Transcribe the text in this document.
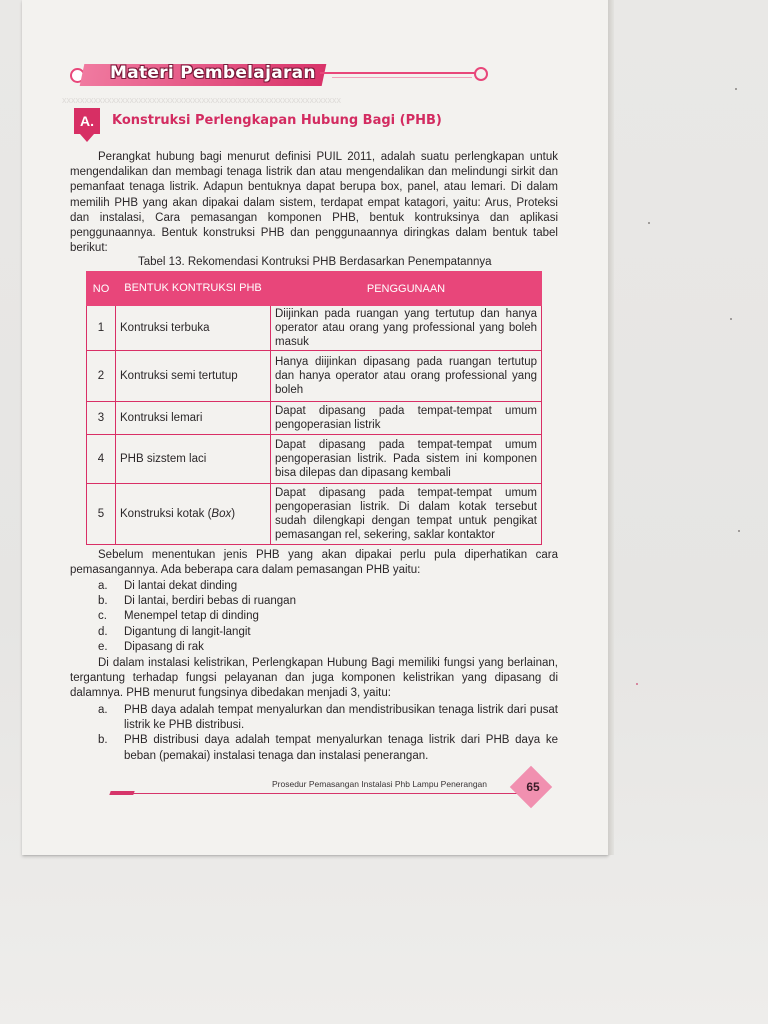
xxxxxxxxxxxxxxxxxxxxxxxxxxxxxxxxxxxxxxxxxxxxxxxxxxxxxxxxxxxxxx
Materi Pembelajaran
A.	Konstruksi Perlengkapan Hubung Bagi (PHB)
Perangkat hubung bagi menurut definisi PUIL 2011, adalah suatu perlengkapan untuk mengendalikan dan membagi tenaga listrik dan atau mengendalikan dan melindungi sirkit dan pemanfaat tenaga listrik. Adapun bentuknya dapat berupa box, panel, atau lemari. Di dalam memilih PHB yang akan dipakai dalam sistem, terdapat empat katagori, yaitu: Arus, Proteksi dan instalasi, Cara pemasangan komponen PHB, bentuk kontruksinya dan aplikasi penggunaannya. Bentuk konstruksi PHB dan penggunaannya diringkas dalam bentuk tabel berikut:
Tabel 13. Rekomendasi Kontruksi PHB Berdasarkan Penempatannya
NO	BENTUK KONTRUKSI PHB	PENGGUNAAN
1	Kontruksi terbuka	Diijinkan pada ruangan yang tertutup dan hanya operator atau orang yang professional yang boleh masuk
2	Kontruksi semi tertutup	Hanya diijinkan dipasang pada ruangan tertutup dan hanya operator atau orang professional yang boleh
3	Kontruksi lemari	Dapat dipasang pada tempat-tempat umum pengoperasian listrik
4	PHB sizstem laci	Dapat dipasang pada tempat-tempat umum pengoperasian listrik. Pada sistem ini komponen bisa dilepas dan dipasang kembali
5	Konstruksi kotak (Box)	Dapat dipasang pada tempat-tempat umum pengoperasian listrik. Di dalam kotak tersebut sudah dilengkapi dengan tempat untuk pengikat pemasangan rel, sekering, saklar kontaktor
Sebelum menentukan jenis PHB yang akan dipakai perlu pula diperhatikan cara pemasangannya. Ada beberapa cara dalam pemasangan PHB yaitu:
a.	Di lantai dekat dinding
b.	Di lantai, berdiri bebas di ruangan
c.	Menempel tetap di dinding
d.	Digantung di langit-langit
e.	Dipasang di rak
Di dalam instalasi kelistrikan, Perlengkapan Hubung Bagi memiliki fungsi yang berlainan, tergantung terhadap fungsi pelayanan dan juga komponen kelistrikan yang dipasang di dalamnya. PHB menurut fungsinya dibedakan menjadi 3, yaitu:
a.	PHB daya adalah tempat menyalurkan dan mendistribusikan tenaga listrik dari pusat listrik ke PHB distribusi.
b.	PHB distribusi daya adalah tempat menyalurkan tenaga listrik dari PHB daya ke beban (pemakai) instalasi tenaga dan instalasi penerangan.
Prosedur Pemasangan Instalasi Phb Lampu Penerangan	65
